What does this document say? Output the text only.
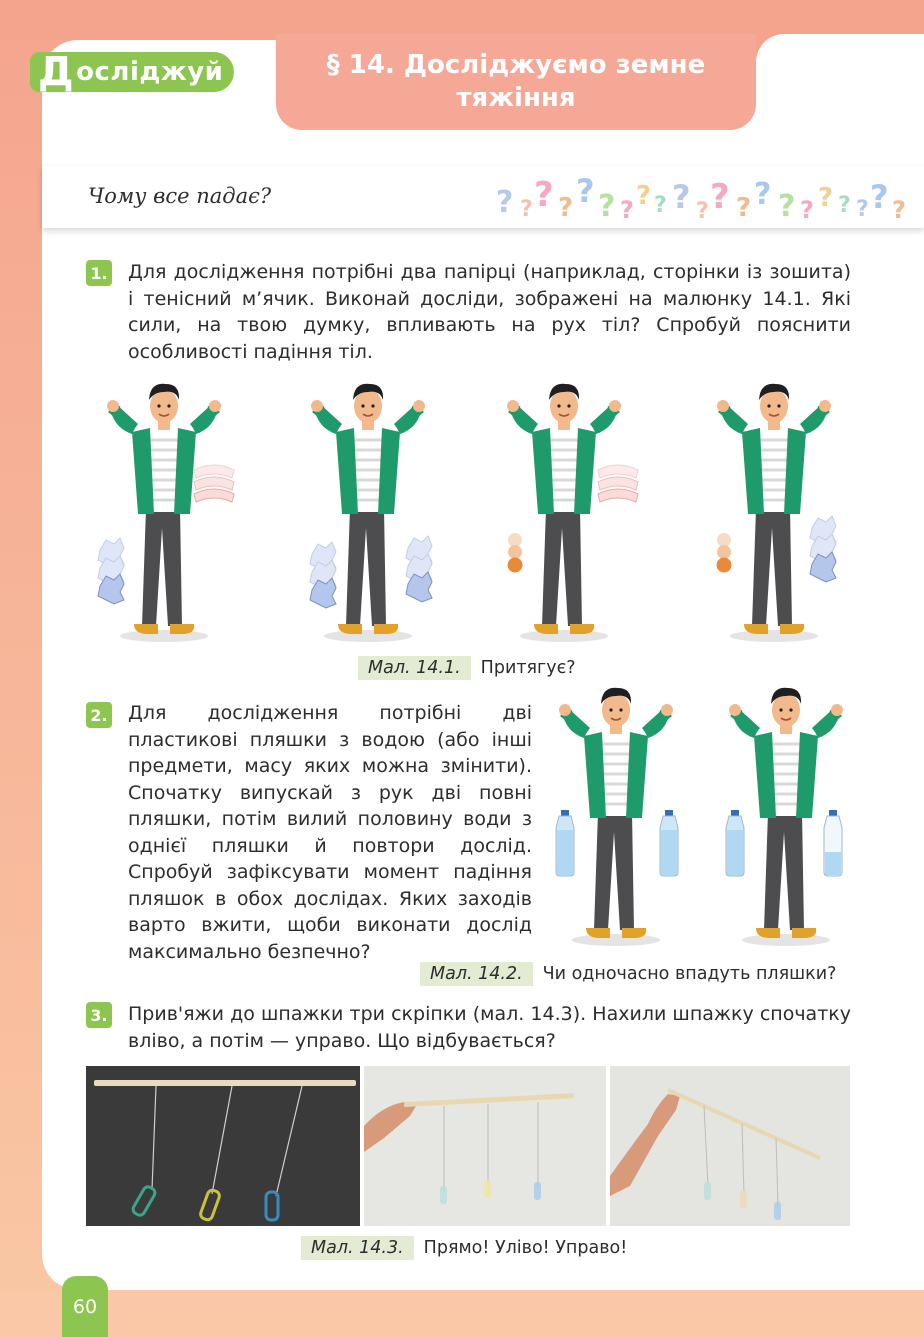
Д осліджуй	§ 14. Досліджуємо земне
тяжіння
Чому все падає?	? ? ? ? ? ? ? ? ? ? ? ? ? ? ? ? ? ? ? ? ?
1. Для дослідження потрібні два папірці (наприклад, сторінки із зошита) і тенісний м’ячик. Виконай досліди, зображені на малюнку 14.1. Які сили, на твою думку, впливають на рух тіл? Спробуй пояснити особливості падіння тіл.
Мал. 14.1. Притягує?
2. Для дослідження потрібні дві пластикові пляшки з водою (або інші предмети, масу яких можна змінити). Спочатку випускай з рук дві повні пляшки, потім вилий половину води з однієї пляшки й повтори дослід. Спробуй зафіксувати момент падіння пляшок в обох дослідах. Яких заходів варто вжити, щоби виконати дослід максимально безпечно?
Мал. 14.2. Чи одночасно впадуть пляшки?
3. Прив'яжи до шпажки три скріпки (мал. 14.3). Нахили шпажку спочатку вліво, а потім — управо. Що відбувається?
Мал. 14.3. Прямо! Уліво! Управо!
60
